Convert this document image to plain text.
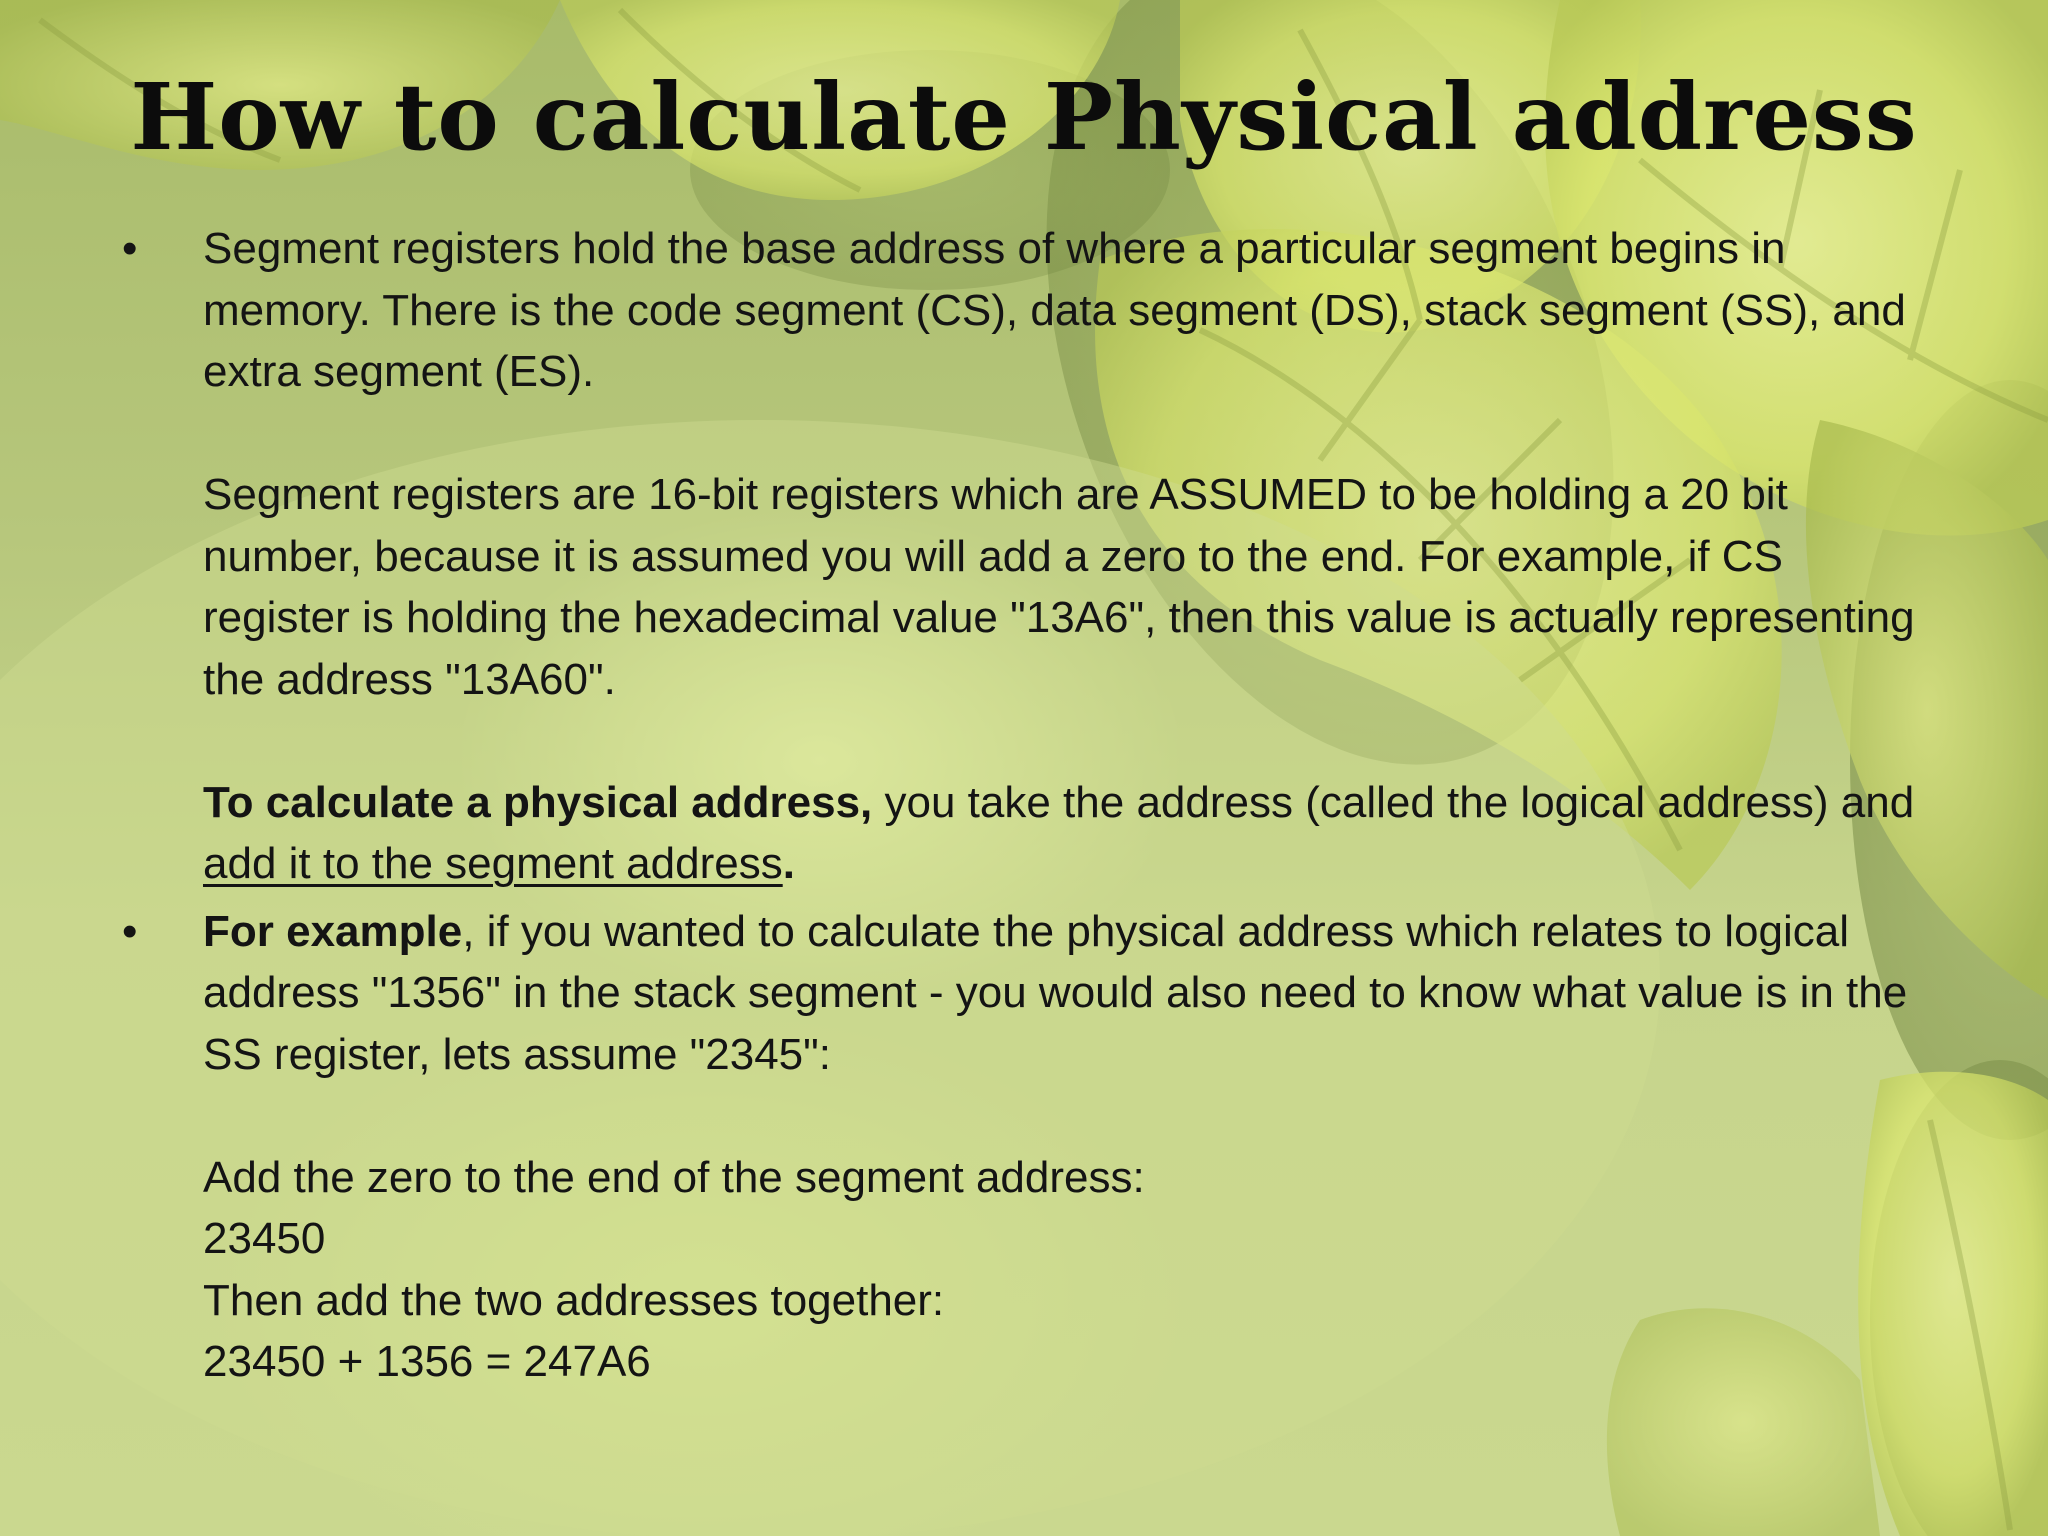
How to calculate Physical address
•	Segment registers hold the base address of where a particular segment begins in memory. There is the code segment (CS), data segment (DS), stack segment (SS), and extra segment (ES).

Segment registers are 16-bit registers which are ASSUMED to be holding a 20 bit number, because it is assumed you will add a zero to the end. For example, if CS register is holding the hexadecimal value "13A6", then this value is actually representing the address "13A60".

To calculate a physical address, you take the address (called the logical address) and add it to the segment address.

•	For example, if you wanted to calculate the physical address which relates to logical address "1356" in the stack segment - you would also need to know what value is in the SS register, lets assume "2345":

Add the zero to the end of the segment address:

23450

Then add the two addresses together:

23450 + 1356 = 247A6
